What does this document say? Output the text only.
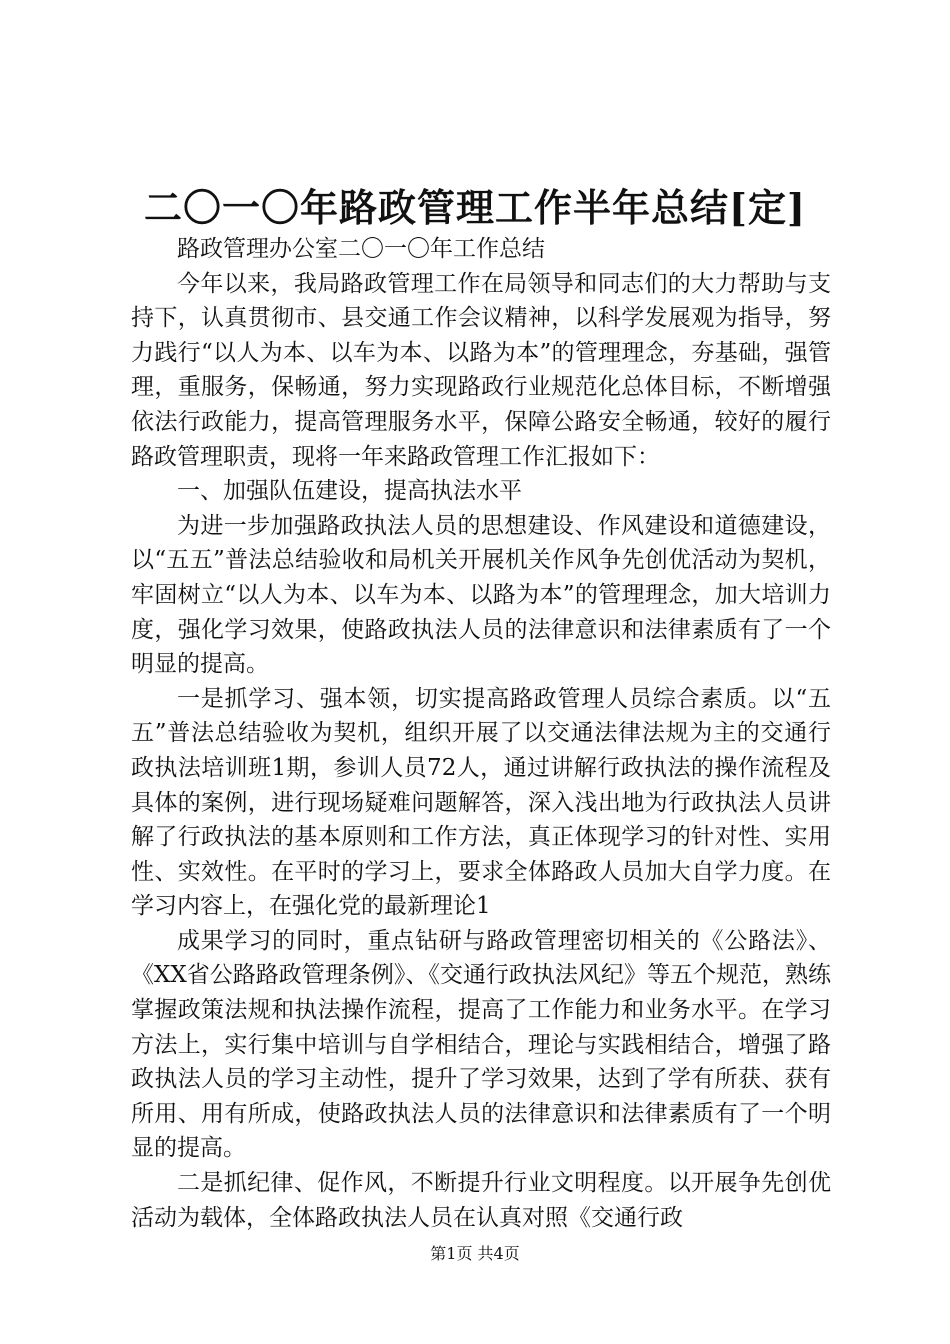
二〇一〇年路政管理工作半年总结[定]

路政管理办公室二〇一〇年工作总结

今年以来，我局路政管理工作在局领导和同志们的大力帮助与支持下，认真贯彻市、县交通工作会议精神，以科学发展观为指导，努力践行“以人为本、以车为本、以路为本”的管理理念，夯基础，强管理，重服务，保畅通，努力实现路政行业规范化总体目标，不断增强依法行政能力，提高管理服务水平，保障公路安全畅通，较好的履行路政管理职责，现将一年来路政管理工作汇报如下：

一、加强队伍建设，提高执法水平

为进一步加强路政执法人员的思想建设、作风建设和道德建设，以“五五”普法总结验收和局机关开展机关作风争先创优活动为契机，牢固树立“以人为本、以车为本、以路为本”的管理理念，加大培训力度，强化学习效果，使路政执法人员的法律意识和法律素质有了一个明显的提高。

一是抓学习、强本领，切实提高路政管理人员综合素质。以“五五”普法总结验收为契机，组织开展了以交通法律法规为主的交通行政执法培训班1期，参训人员72人，通过讲解行政执法的操作流程及具体的案例，进行现场疑难问题解答，深入浅出地为行政执法人员讲解了行政执法的基本原则和工作方法，真正体现学习的针对性、实用性、实效性。在平时的学习上，要求全体路政人员加大自学力度。在学习内容上，在强化党的最新理论1

成果学习的同时，重点钻研与路政管理密切相关的《公路法》、《XX省公路路政管理条例》、《交通行政执法风纪》等五个规范，熟练掌握政策法规和执法操作流程，提高了工作能力和业务水平。在学习方法上，实行集中培训与自学相结合，理论与实践相结合，增强了路政执法人员的学习主动性，提升了学习效果，达到了学有所获、获有所用、用有所成，使路政执法人员的法律意识和法律素质有了一个明显的提高。

二是抓纪律、促作风，不断提升行业文明程度。以开展争先创优活动为载体，全体路政执法人员在认真对照《交通行政

第1页 共4页
